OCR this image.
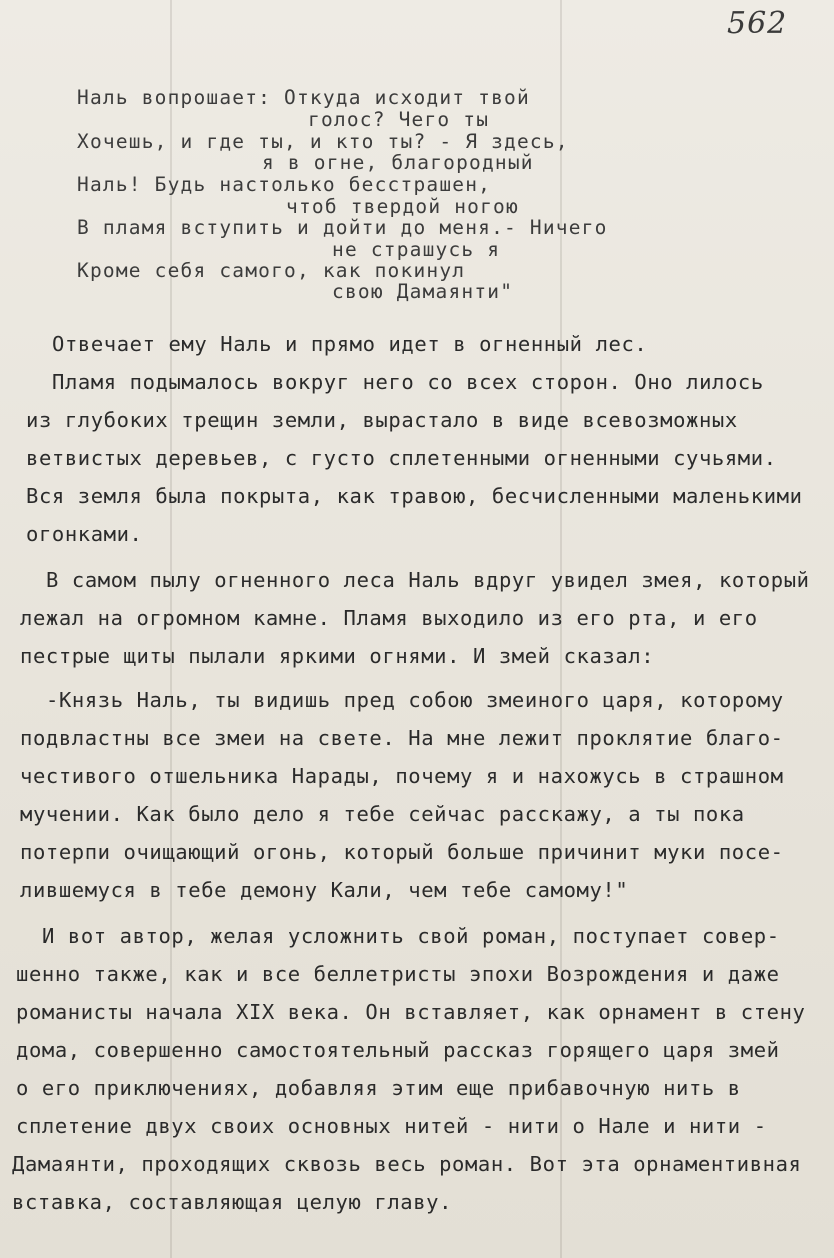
562
Наль вопрошает: Откуда исходит твой
голос? Чего ты
Хочешь, и где ты, и кто ты? - Я здесь,
я в огне, благородный
Наль! Будь настолько бесстрашен,
чтоб твердой ногою
В пламя вступить и дойти до меня.- Ничего
не страшусь я
Кроме себя самого, как покинул
свою Дамаянти"
Отвечает ему Наль и прямо идет в огненный лес.
Пламя подымалось вокруг него со всех сторон. Оно лилось
из глубоких трещин земли, вырастало в виде всевозможных
ветвистых деревьев, с густо сплетенными огненными сучьями.
Вся земля была покрыта, как травою, бесчисленными маленькими
огонками.
В самом пылу огненного леса Наль вдруг увидел змея, который
лежал на огромном камне. Пламя выходило из его рта, и его
пестрые щиты пылали яркими огнями. И змей сказал:
-Князь Наль, ты видишь пред собою змеиного царя, которому
подвластны все змеи на свете. На мне лежит проклятие благо-
честивого отшельника Нарады, почему я и нахожусь в страшном
мучении. Как было дело я тебе сейчас расскажу, а ты пока
потерпи очищающий огонь, который больше причинит муки посе-
лившемуся в тебе демону Кали, чем тебе самому!"
И вот автор, желая усложнить свой роман, поступает совер-
шенно также, как и все беллетристы эпохи Возрождения и даже
романисты начала XIX века. Он вставляет, как орнамент в стену
дома, совершенно самостоятельный рассказ горящего царя змей
о его приключениях, добавляя этим еще прибавочную нить в
сплетение двух своих основных нитей - нити о Нале и нити -
Дамаянти, проходящих сквозь весь роман. Вот эта орнаментивная
вставка, составляющая целую главу.
